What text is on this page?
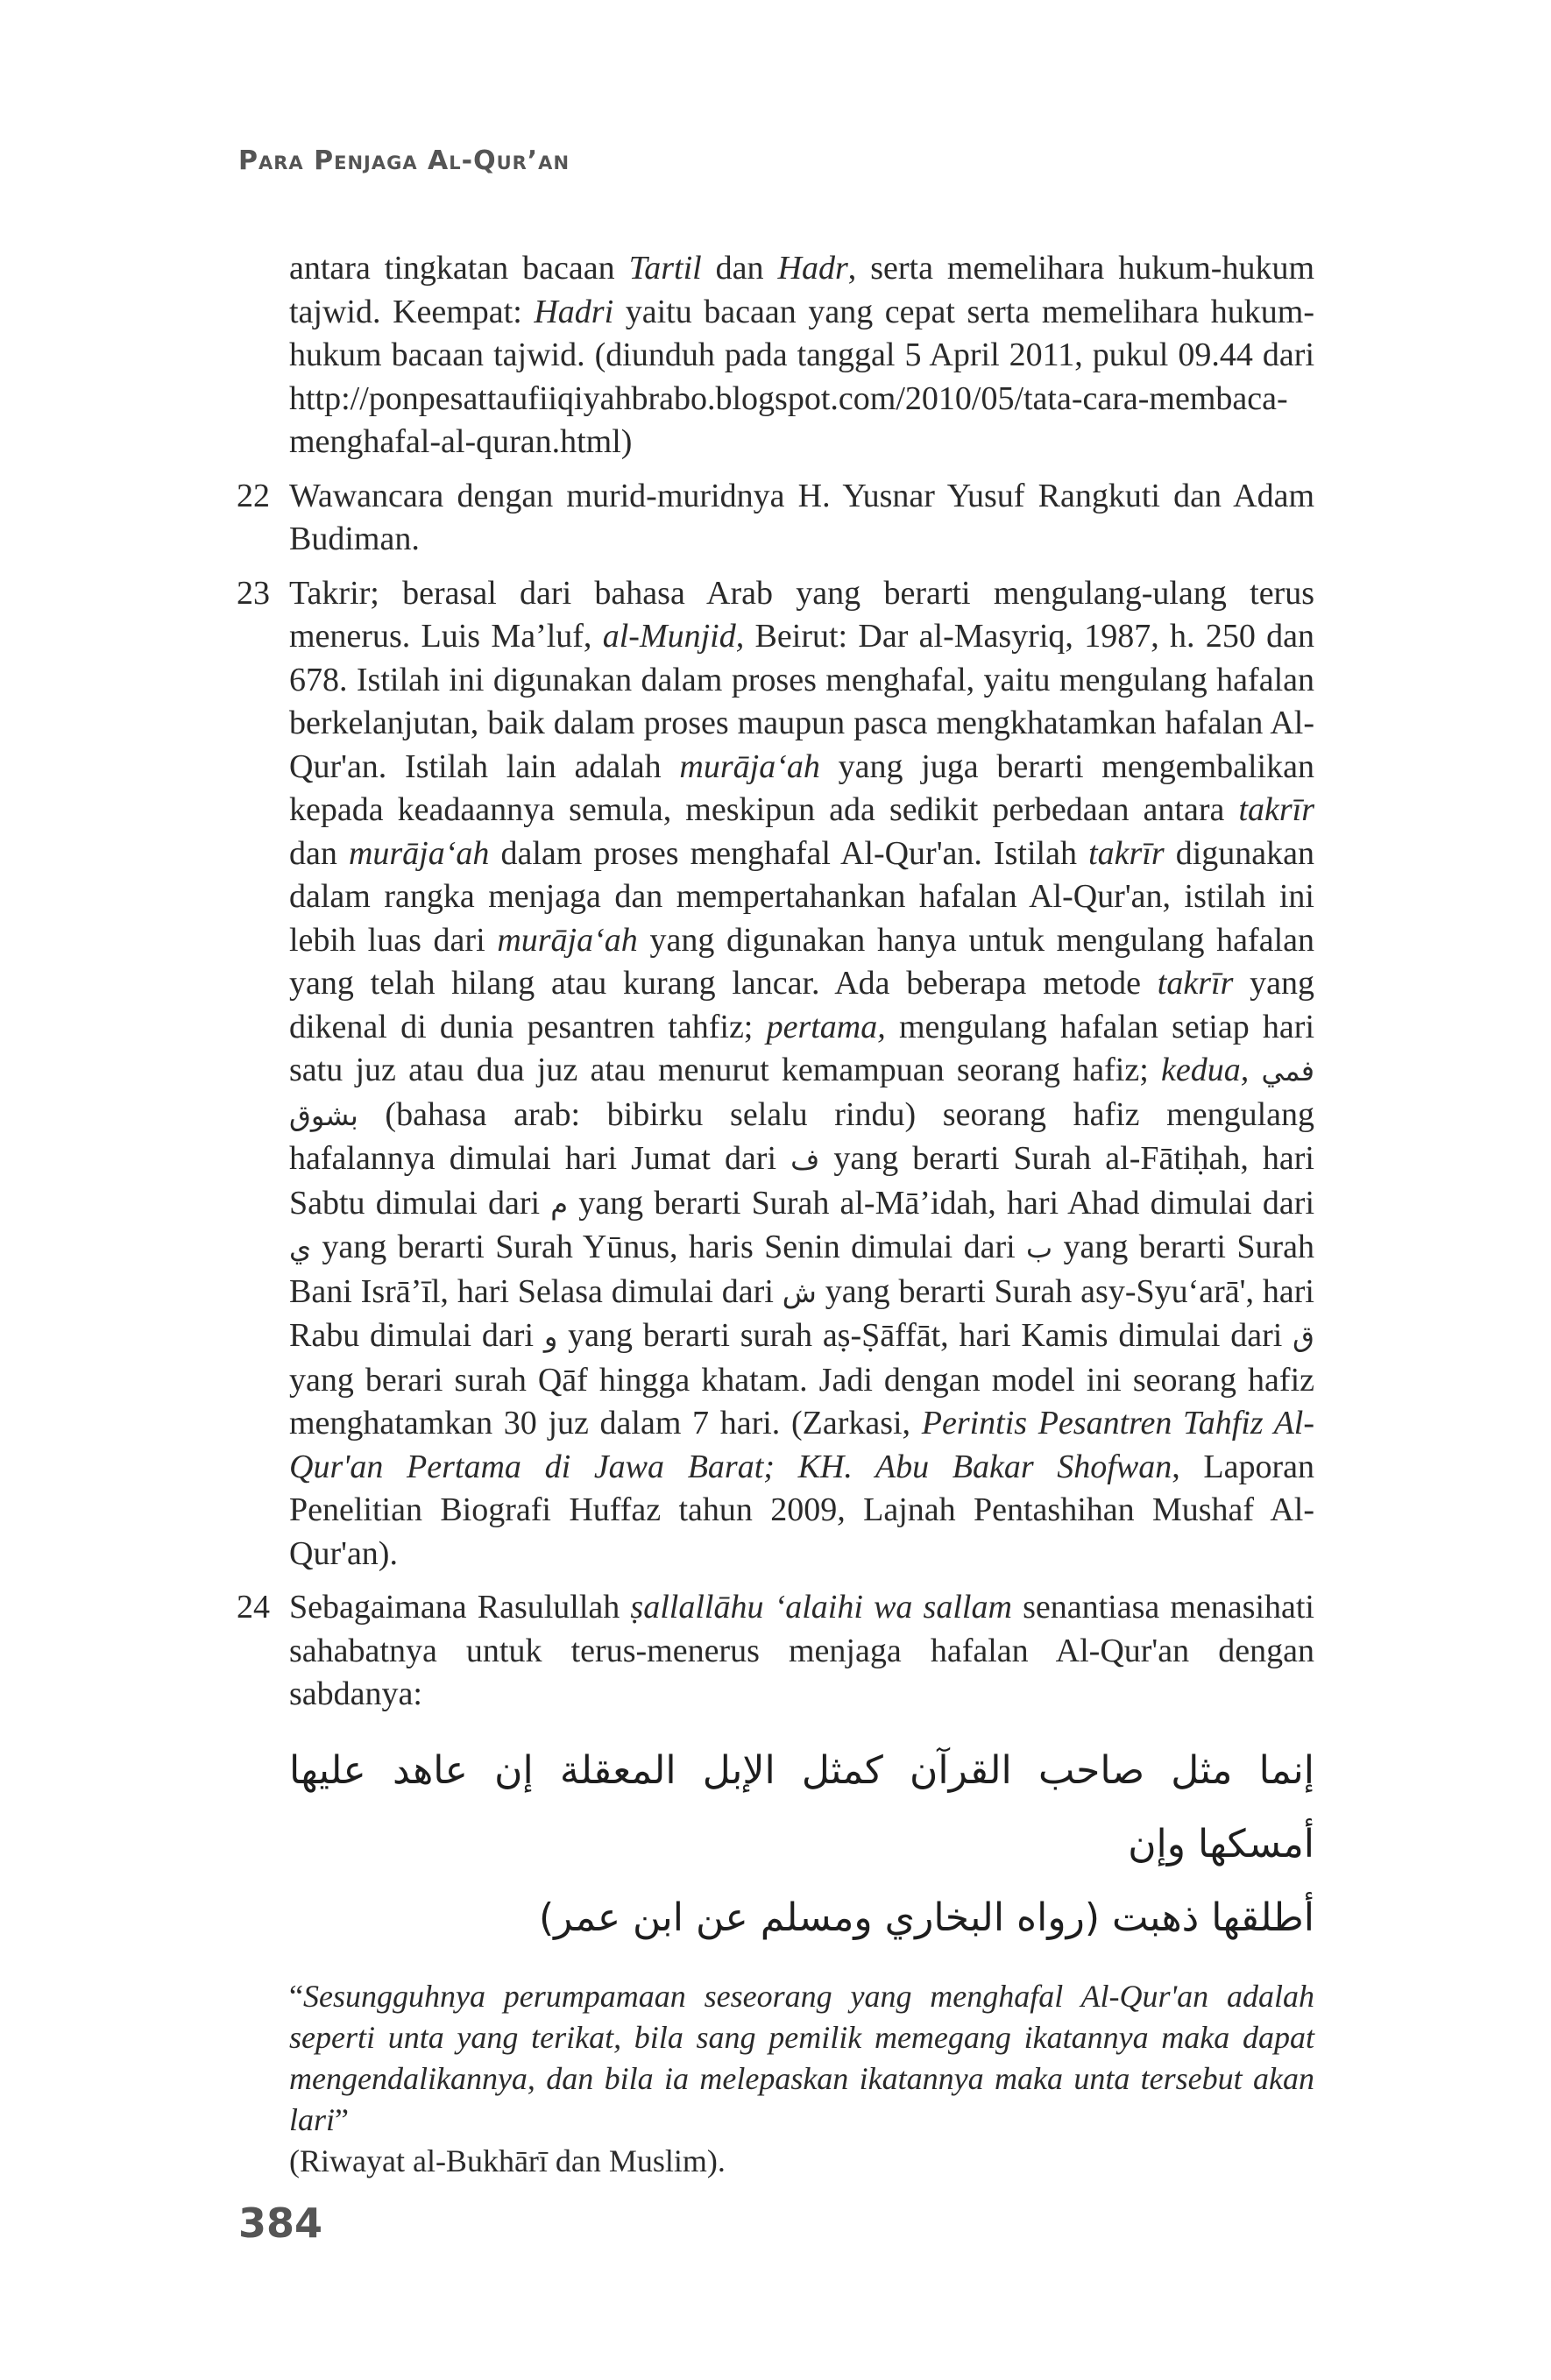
Para Penjaga Al-Qur’an
antara tingkatan bacaan Tartil dan Hadr, serta memelihara hukum-hukum tajwid. Keempat: Hadri yaitu bacaan yang cepat serta memelihara hukum-hukum bacaan tajwid. (diunduh pada tanggal 5 April 2011, pukul 09.44 dari http://ponpesattaufiiqiyahbrabo.blogspot.com/2010/05/tata-cara-membaca-menghafal-al-quran.html)
22 Wawancara dengan murid-muridnya H. Yusnar Yusuf Rangkuti dan Adam Budiman.
23 Takrir; berasal dari bahasa Arab yang berarti mengulang-ulang terus menerus. Luis Ma’luf, al-Munjid, Beirut: Dar al-Masyriq, 1987, h. 250 dan 678. Istilah ini digunakan dalam proses menghafal, yaitu mengulang hafalan berkelanjutan, baik dalam proses maupun pasca mengkhatamkan hafalan Al-Qur'an. Istilah lain adalah murāja‘ah yang juga berarti mengembalikan kepada keadaannya semula, meskipun ada sedikit perbedaan antara takrīr dan murāja‘ah dalam proses menghafal Al-Qur'an. Istilah takrīr digunakan dalam rangka menjaga dan mempertahankan hafalan Al-Qur'an, istilah ini lebih luas dari murāja‘ah yang digunakan hanya untuk mengulang hafalan yang telah hilang atau kurang lancar. Ada beberapa metode takrīr yang dikenal di dunia pesantren tahfiz; pertama, mengulang hafalan setiap hari satu juz atau dua juz atau menurut kemampuan seorang hafiz; kedua, فمي بشوق (bahasa arab: bibirku selalu rindu) seorang hafiz mengulang hafalannya dimulai hari Jumat dari ف yang berarti Surah al-Fātiḥah, hari Sabtu dimulai dari م yang berarti Surah al-Mā’idah, hari Ahad dimulai dari ي yang berarti Surah Yūnus, haris Senin dimulai dari ب yang berarti Surah Bani Isrā’īl, hari Selasa dimulai dari ش yang berarti Surah asy-Syu‘arā', hari Rabu dimulai dari و yang berarti surah aṣ-Ṣāffāt, hari Kamis dimulai dari ق yang berari surah Qāf hingga khatam. Jadi dengan model ini seorang hafiz menghatamkan 30 juz dalam 7 hari. (Zarkasi, Perintis Pesantren Tahfiz Al-Qur'an Pertama di Jawa Barat; KH. Abu Bakar Shofwan, Laporan Penelitian Biografi Huffaz tahun 2009, Lajnah Pentashihan Mushaf Al-Qur'an).
24 Sebagaimana Rasulullah ṣallallāhu ‘alaihi wa sallam senantiasa menasihati sahabatnya untuk terus-menerus menjaga hafalan Al-Qur'an dengan sabdanya:
إنما مثل صاحب القرآن كمثل الإبل المعقلة إن عاهد عليها أمسكها وإن
أطلقها ذهبت (رواه البخاري ومسلم عن ابن عمر)
“Sesungguhnya perumpamaan seseorang yang menghafal Al-Qur'an adalah seperti unta yang terikat, bila sang pemilik memegang ikatannya maka dapat mengendalikannya, dan bila ia melepaskan ikatannya maka unta tersebut akan lari”
(Riwayat al-Bukhārī dan Muslim).
384
